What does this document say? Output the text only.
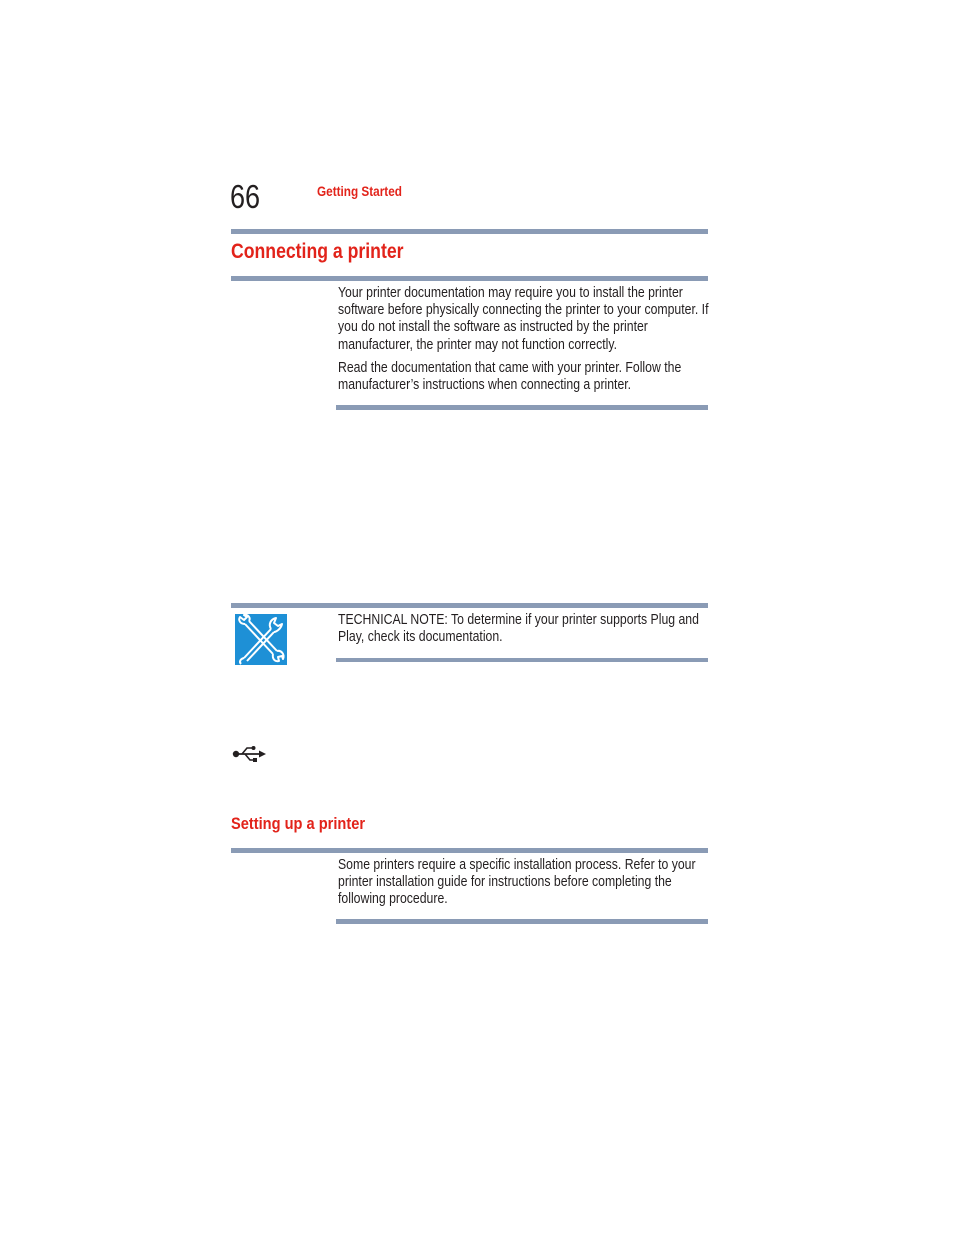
66	Getting Started
Connecting a printer
Your printer documentation may require you to install the printer
software before physically connecting the printer to your computer. If
you do not install the software as instructed by the printer
manufacturer, the printer may not function correctly.
Read the documentation that came with your printer. Follow the
manufacturer’s instructions when connecting a printer.
TECHNICAL NOTE: To determine if your printer supports Plug and
Play, check its documentation.
Setting up a printer
Some printers require a specific installation process. Refer to your
printer installation guide for instructions before completing the
following procedure.
